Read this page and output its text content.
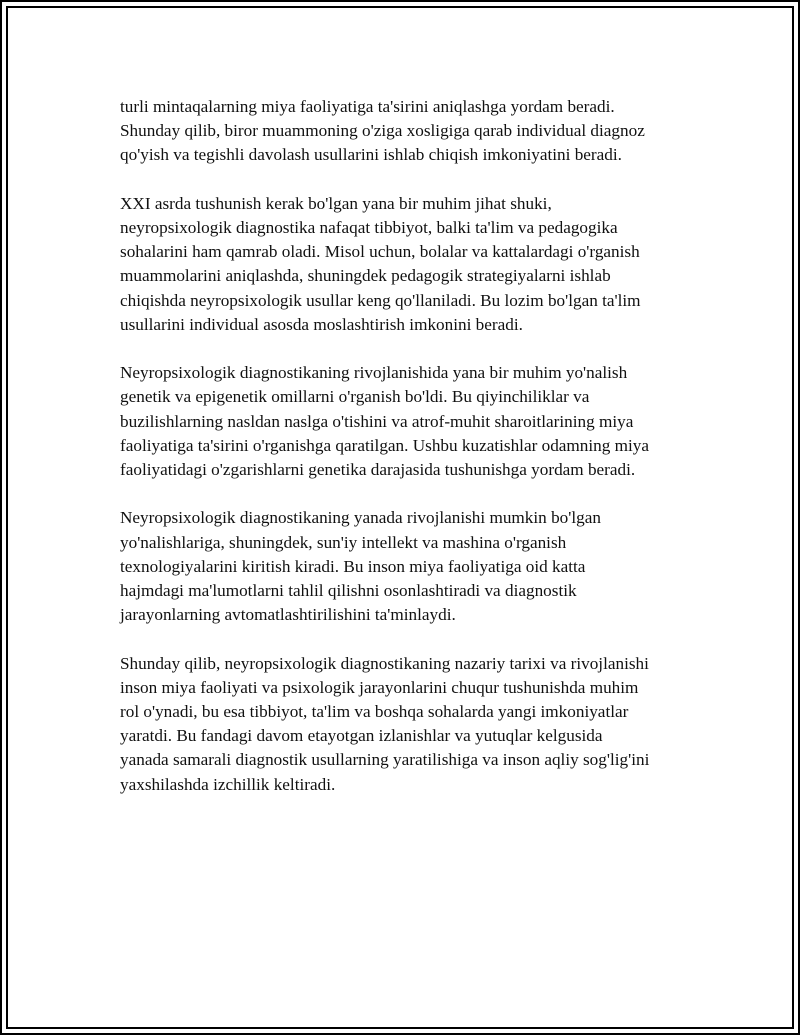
turli mintaqalarning miya faoliyatiga ta'sirini aniqlashga yordam beradi.
Shunday qilib, biror muammoning o'ziga xosligiga qarab individual diagnoz
qo'yish va tegishli davolash usullarini ishlab chiqish imkoniyatini beradi.

XXI asrda tushunish kerak bo'lgan yana bir muhim jihat shuki,
neyropsixologik diagnostika nafaqat tibbiyot, balki ta'lim va pedagogika
sohalarini ham qamrab oladi. Misol uchun, bolalar va kattalardagi o'rganish
muammolarini aniqlashda, shuningdek pedagogik strategiyalarni ishlab
chiqishda neyropsixologik usullar keng qo'llaniladi. Bu lozim bo'lgan ta'lim
usullarini individual asosda moslashtirish imkonini beradi.

Neyropsixologik diagnostikaning rivojlanishida yana bir muhim yo'nalish
genetik va epigenetik omillarni o'rganish bo'ldi. Bu qiyinchiliklar va
buzilishlarning nasldan naslga o'tishini va atrof-muhit sharoitlarining miya
faoliyatiga ta'sirini o'rganishga qaratilgan. Ushbu kuzatishlar odamning miya
faoliyatidagi o'zgarishlarni genetika darajasida tushunishga yordam beradi.

Neyropsixologik diagnostikaning yanada rivojlanishi mumkin bo'lgan
yo'nalishlariga, shuningdek, sun'iy intellekt va mashina o'rganish
texnologiyalarini kiritish kiradi. Bu inson miya faoliyatiga oid katta
hajmdagi ma'lumotlarni tahlil qilishni osonlashtiradi va diagnostik
jarayonlarning avtomatlashtirilishini ta'minlaydi.

Shunday qilib, neyropsixologik diagnostikaning nazariy tarixi va rivojlanishi
inson miya faoliyati va psixologik jarayonlarini chuqur tushunishda muhim
rol o'ynadi, bu esa tibbiyot, ta'lim va boshqa sohalarda yangi imkoniyatlar
yaratdi. Bu fandagi davom etayotgan izlanishlar va yutuqlar kelgusida
yanada samarali diagnostik usullarning yaratilishiga va inson aqliy sog'lig'ini
yaxshilashda izchillik keltiradi.
